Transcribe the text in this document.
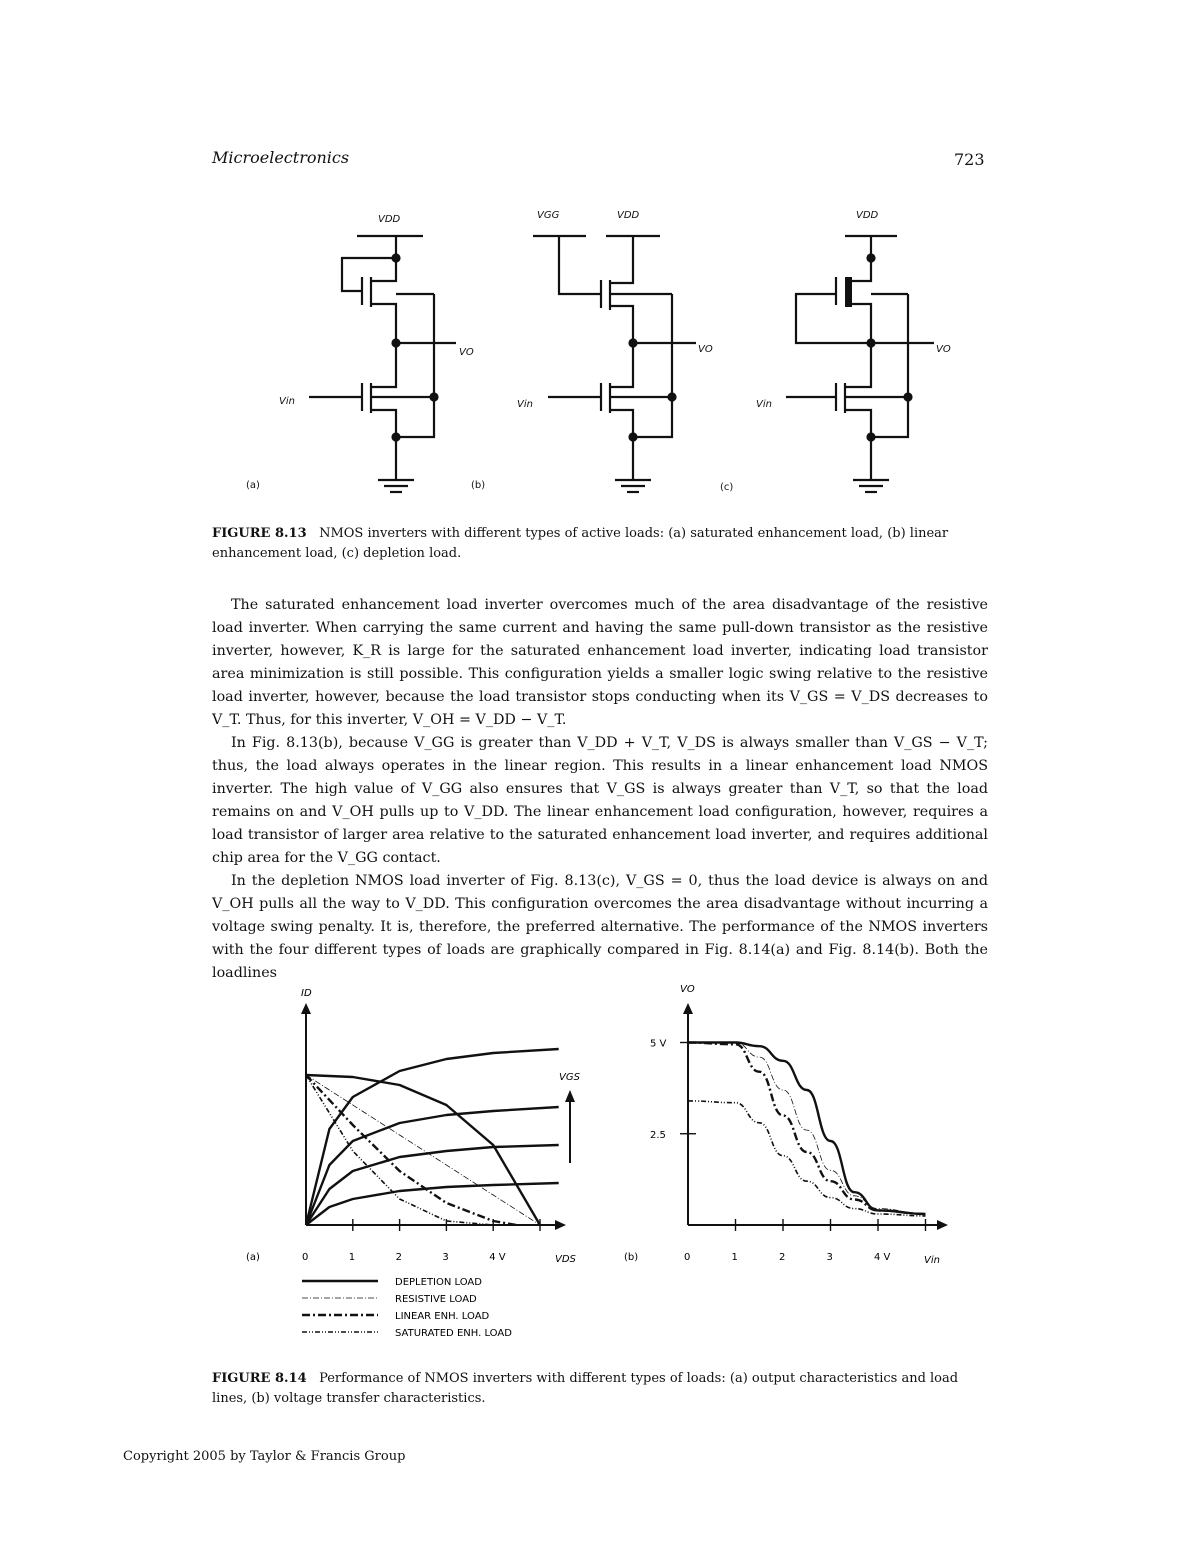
Microelectronics	723
VDD
VO
Vin
(a)
VGG	VDD
VO
Vin
(b)
VDD
VO
Vin
(c)
FIGURE 8.13 NMOS inverters with different types of active loads: (a) saturated enhancement load, (b) linear enhancement load, (c) depletion load.

The saturated enhancement load inverter overcomes much of the area disadvantage of the resistive load inverter. When carrying the same current and having the same pull-down transistor as the resistive inverter, however, K_R is large for the saturated enhancement load inverter, indicating load transistor area minimization is still possible. This configuration yields a smaller logic swing relative to the resistive load inverter, however, because the load transistor stops conducting when its V_GS = V_DS decreases to V_T. Thus, for this inverter, V_OH = V_DD − V_T.

In Fig. 8.13(b), because V_GG is greater than V_DD + V_T, V_DS is always smaller than V_GS − V_T; thus, the load always operates in the linear region. This results in a linear enhancement load NMOS inverter. The high value of V_GG also ensures that V_GS is always greater than V_T, so that the load remains on and V_OH pulls up to V_DD. The linear enhancement load configuration, however, requires a load transistor of larger area relative to the saturated enhancement load inverter, and requires additional chip area for the V_GG contact.

In the depletion NMOS load inverter of Fig. 8.13(c), V_GS = 0, thus the load device is always on and V_OH pulls all the way to V_DD. This configuration overcomes the area disadvantage without incurring a voltage swing penalty. It is, therefore, the preferred alternative. The performance of the NMOS inverters with the four different types of loads are graphically compared in Fig. 8.14(a) and Fig. 8.14(b). Both the loadlines

0	1	2	3	4 V
ID
VDS
(a)
VGS
0	1	2	3	4 V
2.5
5 V
VO
Vin
(b)
DEPLETION LOAD
RESISTIVE LOAD
LINEAR ENH. LOAD
SATURATED ENH. LOAD
FIGURE 8.14 Performance of NMOS inverters with different types of loads: (a) output characteristics and load lines, (b) voltage transfer characteristics.
Copyright 2005 by Taylor & Francis Group
